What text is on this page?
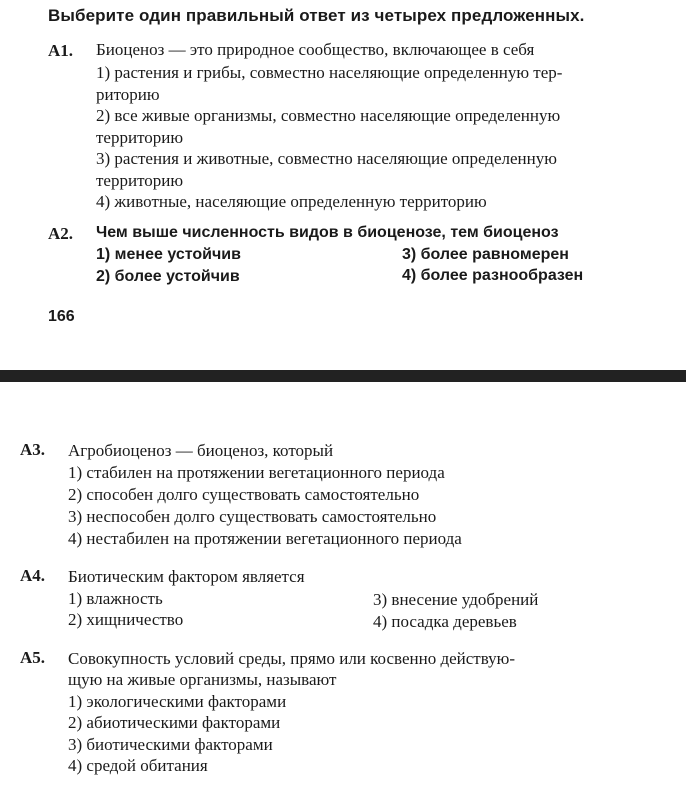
Выберите один правильный ответ из четырех предложенных.
А1. Биоценоз — это природное сообщество, включающее в себя
1) растения и грибы, совместно населяющие определенную тер-
риторию
2) все живые организмы, совместно населяющие определенную
территорию
3) растения и животные, совместно населяющие определенную
территорию
4) животные, населяющие определенную территорию
А2. Чем выше численность видов в биоценозе, тем биоценоз
1) менее устойчив
2) более устойчив
3) более равномерен
4) более разнообразен
166
А3. Агробиоценоз — биоценоз, который
1) стабилен на протяжении вегетационного периода
2) способен долго существовать самостоятельно
3) неспособен долго существовать самостоятельно
4) нестабилен на протяжении вегетационного периода
А4. Биотическим фактором является
1) влажность
2) хищничество
3) внесение удобрений
4) посадка деревьев
А5. Совокупность условий среды, прямо или косвенно действую-
щую на живые организмы, называют
1) экологическими факторами
2) абиотическими факторами
3) биотическими факторами
4) средой обитания
